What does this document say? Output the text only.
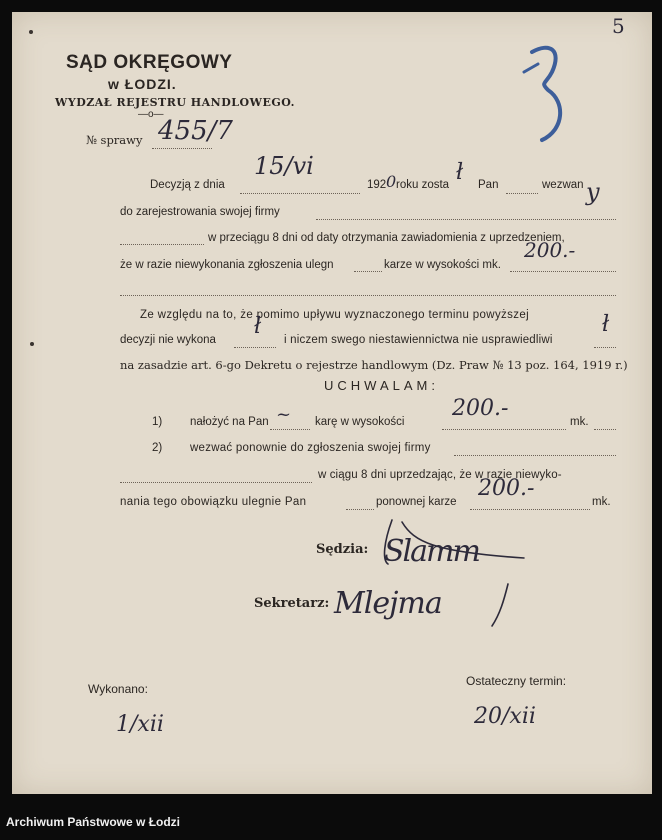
SĄD OKRĘGOWY
w ŁODZI.
WYDZAŁ REJESTRU HANDLOWEGO.
—o—
№ sprawy 455/7
5
Decyzją z dnia
15/vi
192 0 roku zosta ł Pan	wezwan y
do zarejestrowania swojej firmy
w przeciągu 8 dni od daty otrzymania zawiadomienia z uprzedzeniem,
że w razie niewykonania zgłoszenia ulegn	karze w wysokości mk.
200.-
Ze względu na to, że pomimo upływu wyznaczonego terminu powyższej
decyzji nie wykona
ł
i niczem swego niestawiennictwa nie usprawiedliwi
ł
na zasadzie art. 6-go Dekretu o rejestrze handlowym (Dz. Praw № 13 poz. 164, 1919 r.)
UCHWALAM:
1) nałożyć na Pan ~ karę w wysokości
200.-
mk.
2) wezwać ponownie do zgłoszenia swojej firmy
w ciągu 8 dni uprzedzając, że w razie niewyko-
nania tego obowiązku ulegnie Pan	ponownej karze
200.-
mk.
Sędzia: Slamm
Sekretarz: Mlejma
Wykonano:
1/xii
Ostateczny termin:
20/xii
Archiwum Państwowe w Łodzi
